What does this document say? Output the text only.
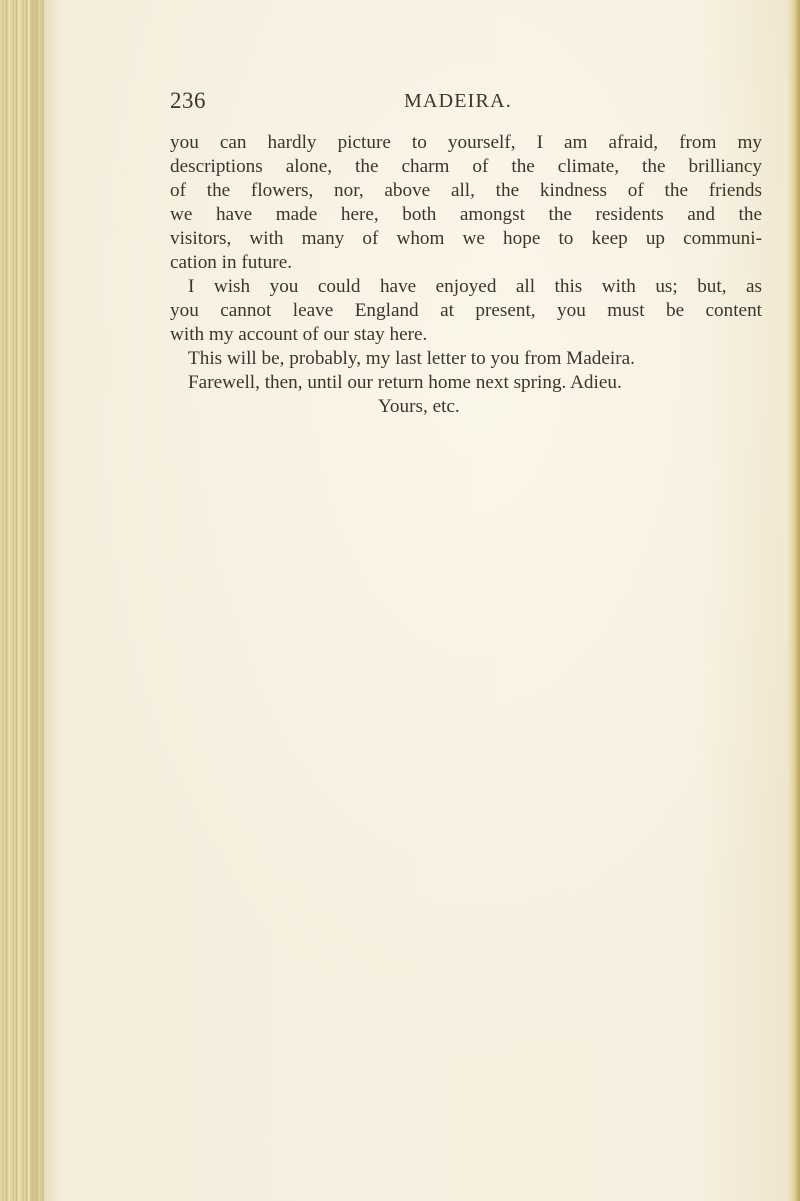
236	MADEIRA.
you can hardly picture to yourself, I am afraid, from my
descriptions alone, the charm of the climate, the brilliancy
of the flowers, nor, above all, the kindness of the friends
we have made here, both amongst the residents and the
visitors, with many of whom we hope to keep up communi-
cation in future.
I wish you could have enjoyed all this with us; but, as
you cannot leave England at present, you must be content
with my account of our stay here.
This will be, probably, my last letter to you from Madeira.
Farewell, then, until our return home next spring. Adieu.
Yours, etc.
